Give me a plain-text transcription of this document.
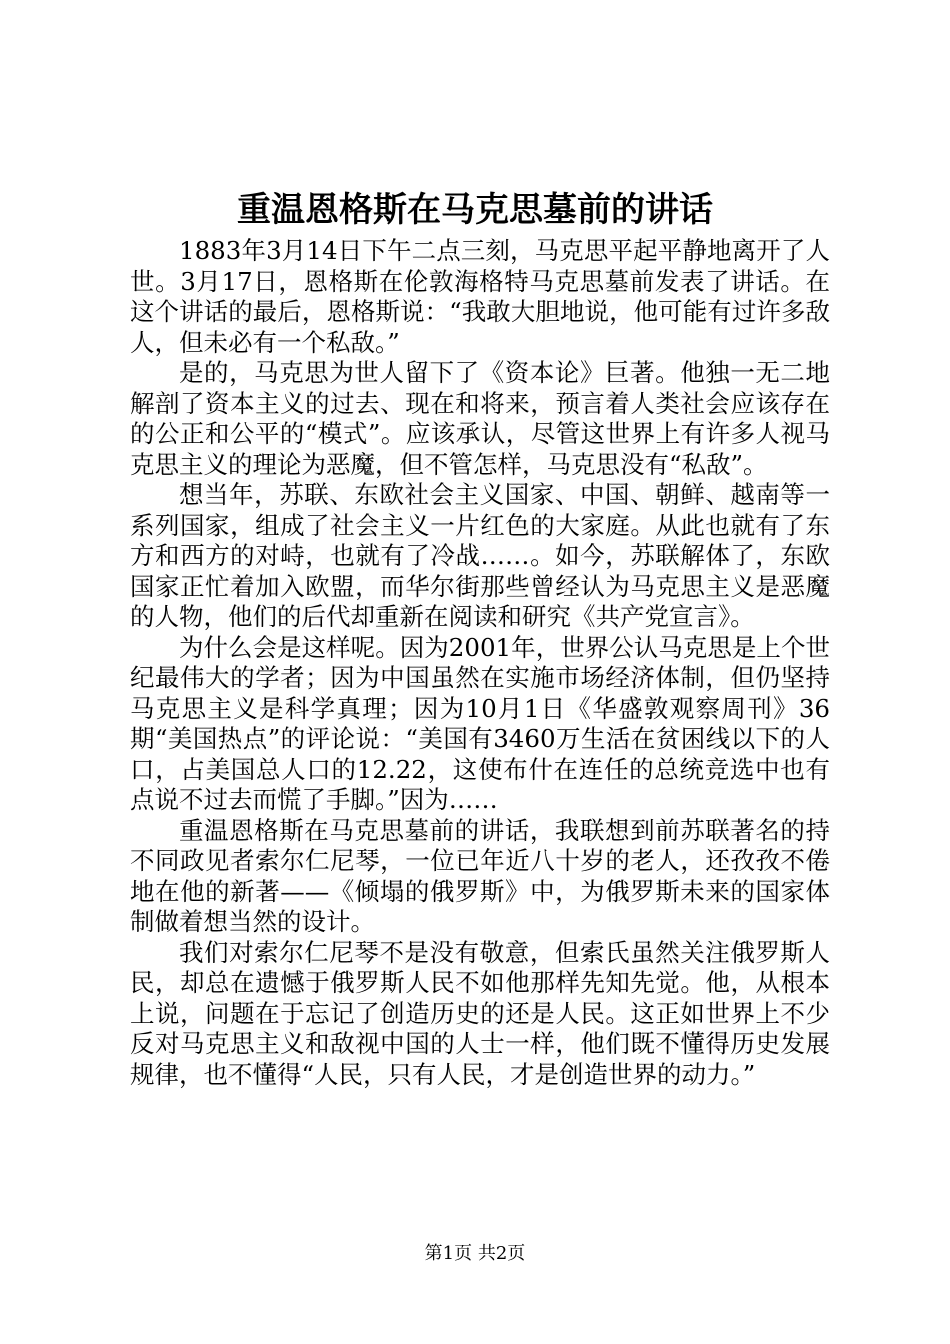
重温恩格斯在马克思墓前的讲话

1883年3月14日下午二点三刻，马克思平起平静地离开了人世。3月17日，恩格斯在伦敦海格特马克思墓前发表了讲话。在这个讲话的最后，恩格斯说：“我敢大胆地说，他可能有过许多敌人，但未必有一个私敌。”

是的，马克思为世人留下了《资本论》巨著。他独一无二地解剖了资本主义的过去、现在和将来，预言着人类社会应该存在的公正和公平的“模式”。应该承认，尽管这世界上有许多人视马克思主义的理论为恶魔，但不管怎样，马克思没有“私敌”。

想当年，苏联、东欧社会主义国家、中国、朝鲜、越南等一系列国家，组成了社会主义一片红色的大家庭。从此也就有了东方和西方的对峙，也就有了冷战……。如今，苏联解体了，东欧国家正忙着加入欧盟，而华尔街那些曾经认为马克思主义是恶魔的人物，他们的后代却重新在阅读和研究《共产党宣言》。

为什么会是这样呢。因为2001年，世界公认马克思是上个世纪最伟大的学者；因为中国虽然在实施市场经济体制，但仍坚持马克思主义是科学真理；因为10月1日《华盛敦观察周刊》36期“美国热点”的评论说：“美国有3460万生活在贫困线以下的人口，占美国总人口的12.22，这使布什在连任的总统竞选中也有点说不过去而慌了手脚。”因为……

重温恩格斯在马克思墓前的讲话，我联想到前苏联著名的持不同政见者索尔仁尼琴，一位已年近八十岁的老人，还孜孜不倦地在他的新著——《倾塌的俄罗斯》中，为俄罗斯未来的国家体制做着想当然的设计。

我们对索尔仁尼琴不是没有敬意，但索氏虽然关注俄罗斯人民，却总在遗憾于俄罗斯人民不如他那样先知先觉。他，从根本上说，问题在于忘记了创造历史的还是人民。这正如世界上不少反对马克思主义和敌视中国的人士一样，他们既不懂得历史发展规律，也不懂得“人民，只有人民，才是创造世界的动力。”

第1页 共2页
